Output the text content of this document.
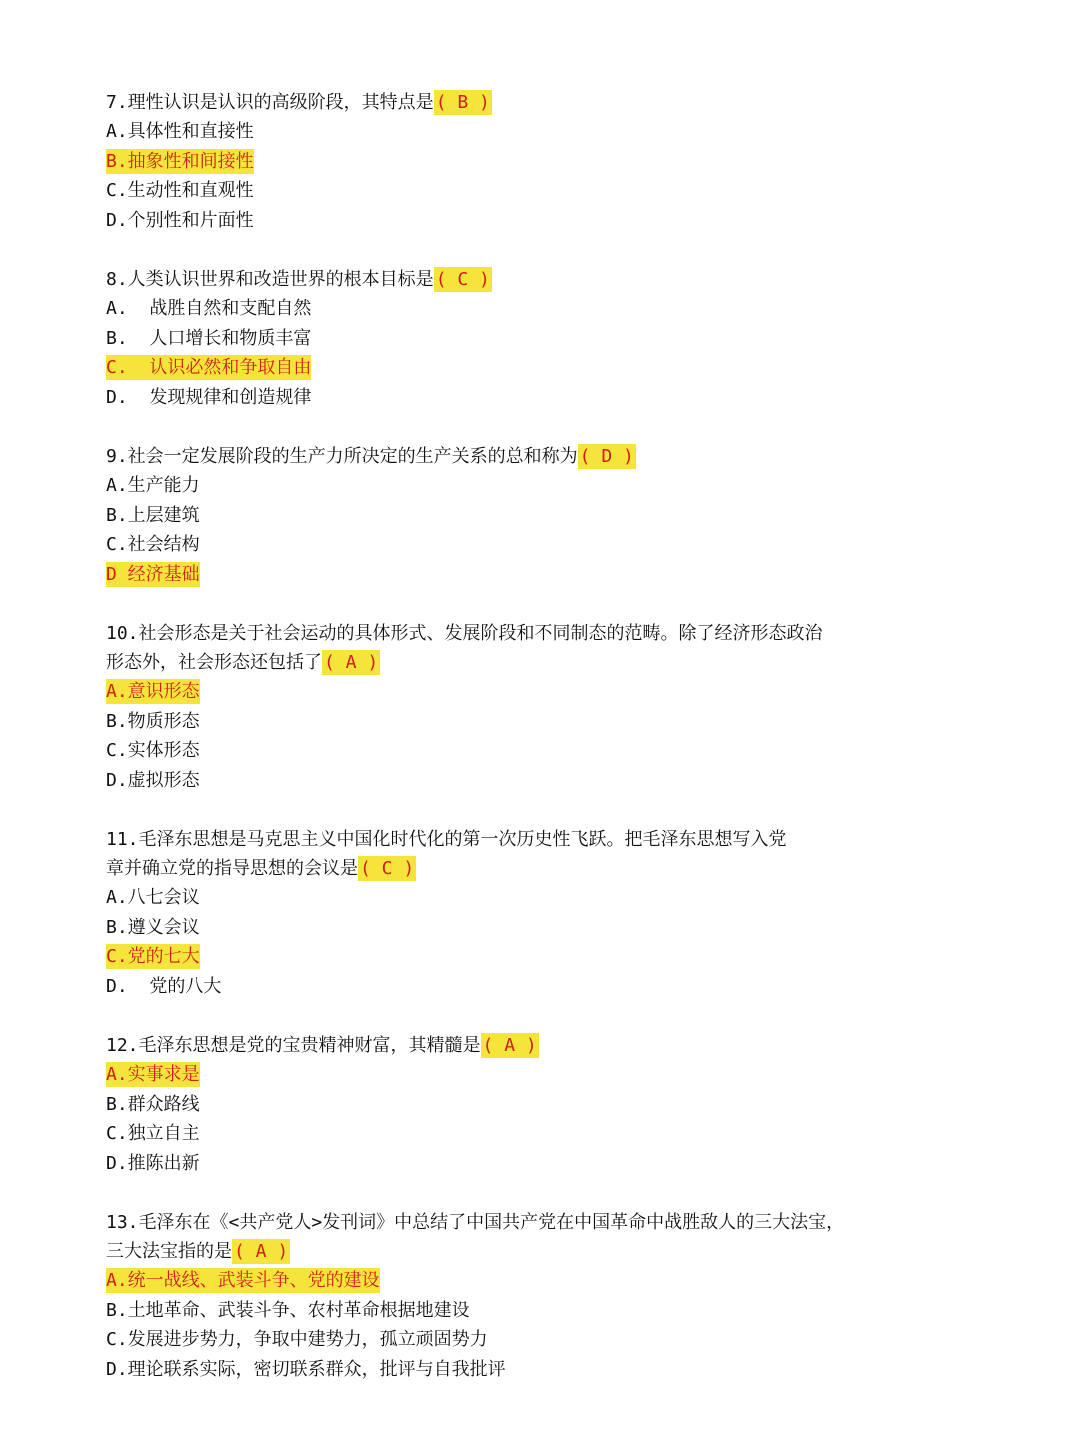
7.理性认识是认识的高级阶段，其特点是 ( B )

A.具体性和直接性

B.抽象性和间接性

C.生动性和直观性

D.个别性和片面性

8.人类认识世界和改造世界的根本目标是 ( C )

A.  战胜自然和支配自然

B.  人口增长和物质丰富

C.  认识必然和争取自由

D.  发现规律和创造规律

9.社会一定发展阶段的生产力所决定的生产关系的总和称为 ( D )

A.生产能力

B.上层建筑

C.社会结构

D 经济基础

10.社会形态是关于社会运动的具体形式、发展阶段和不同制态的范畴。除了经济形态政治

形态外，社会形态还包括了 ( A )

A.意识形态

B.物质形态

C.实体形态

D.虚拟形态

11.毛泽东思想是马克思主义中国化时代化的第一次历史性飞跃。把毛泽东思想写入党

章并确立党的指导思想的会议是 ( C )

A.八七会议

B.遵义会议

C.党的七大

D.  党的八大

12.毛泽东思想是党的宝贵精神财富，其精髓是 ( A )

A.实事求是

B.群众路线

C.独立自主

D.推陈出新

13.毛泽东在《<共产党人>发刊词》中总结了中国共产党在中国革命中战胜敌人的三大法宝，

三大法宝指的是 ( A )

A.统一战线、武装斗争、党的建设

B.土地革命、武装斗争、农村革命根据地建设

C.发展进步势力，争取中建势力，孤立顽固势力

D.理论联系实际，密切联系群众，批评与自我批评
